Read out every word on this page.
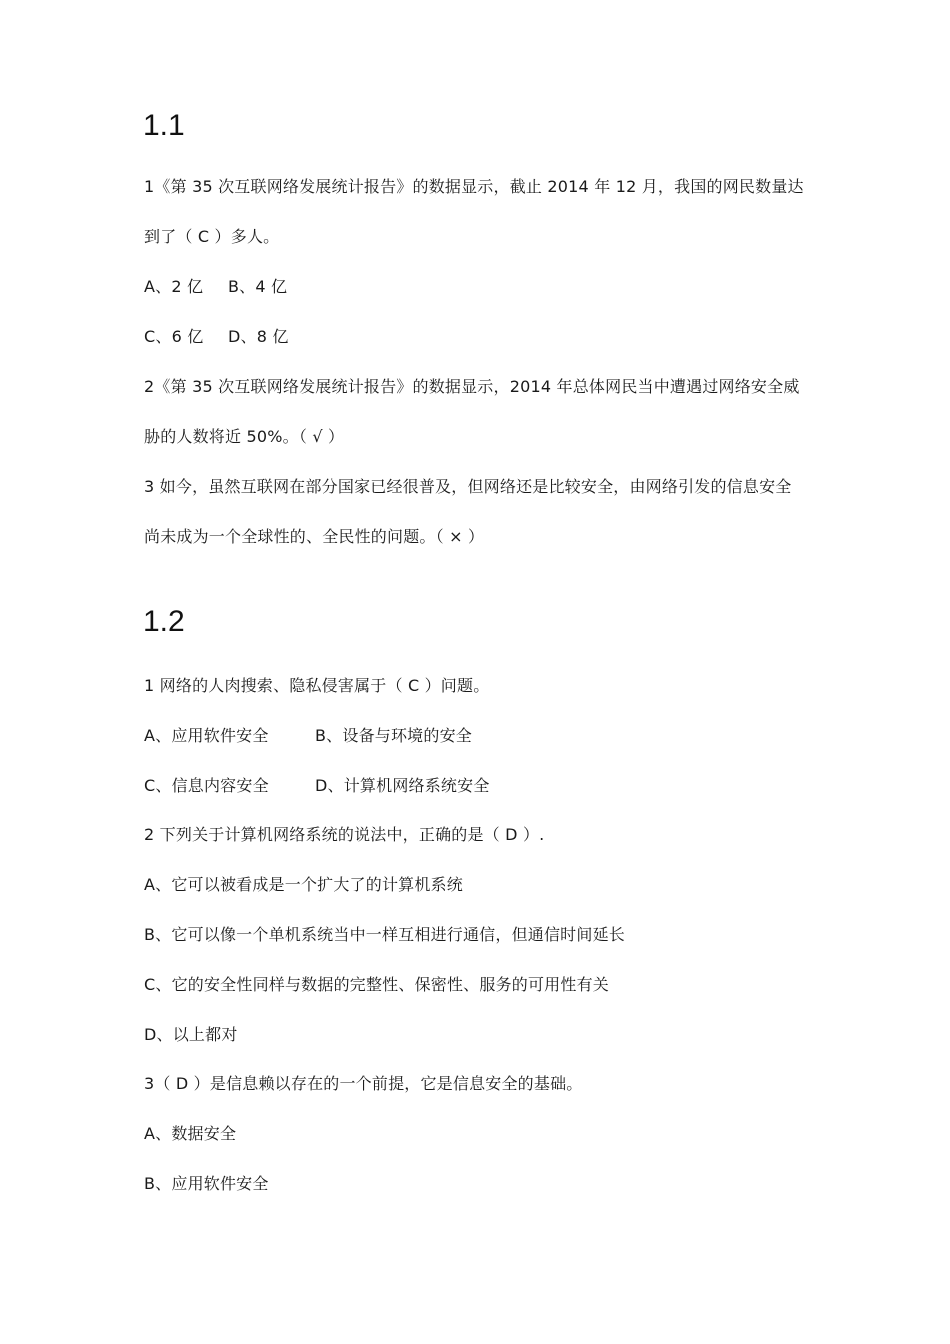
1.1
1《第 35 次互联网络发展统计报告》的数据显示，截止 2014 年 12 月，我国的网民数量达
到了（ C ）多人。
A、2 亿 B、4 亿
C、6 亿 D、8 亿
2《第 35 次互联网络发展统计报告》的数据显示，2014 年总体网民当中遭遇过网络安全威
胁的人数将近 50%。（ √ ）
3 如今，虽然互联网在部分国家已经很普及，但网络还是比较安全，由网络引发的信息安全
尚未成为一个全球性的、全民性的问题。（ × ）
1.2
1 网络的人肉搜索、隐私侵害属于（ C ）问题。
A、应用软件安全	B、设备与环境的安全
C、信息内容安全	D、计算机网络系统安全
2 下列关于计算机网络系统的说法中，正确的是（ D ）.
A、它可以被看成是一个扩大了的计算机系统
B、它可以像一个单机系统当中一样互相进行通信，但通信时间延长
C、它的安全性同样与数据的完整性、保密性、服务的可用性有关
D、以上都对
3（ D ）是信息赖以存在的一个前提，它是信息安全的基础。
A、数据安全
B、应用软件安全
